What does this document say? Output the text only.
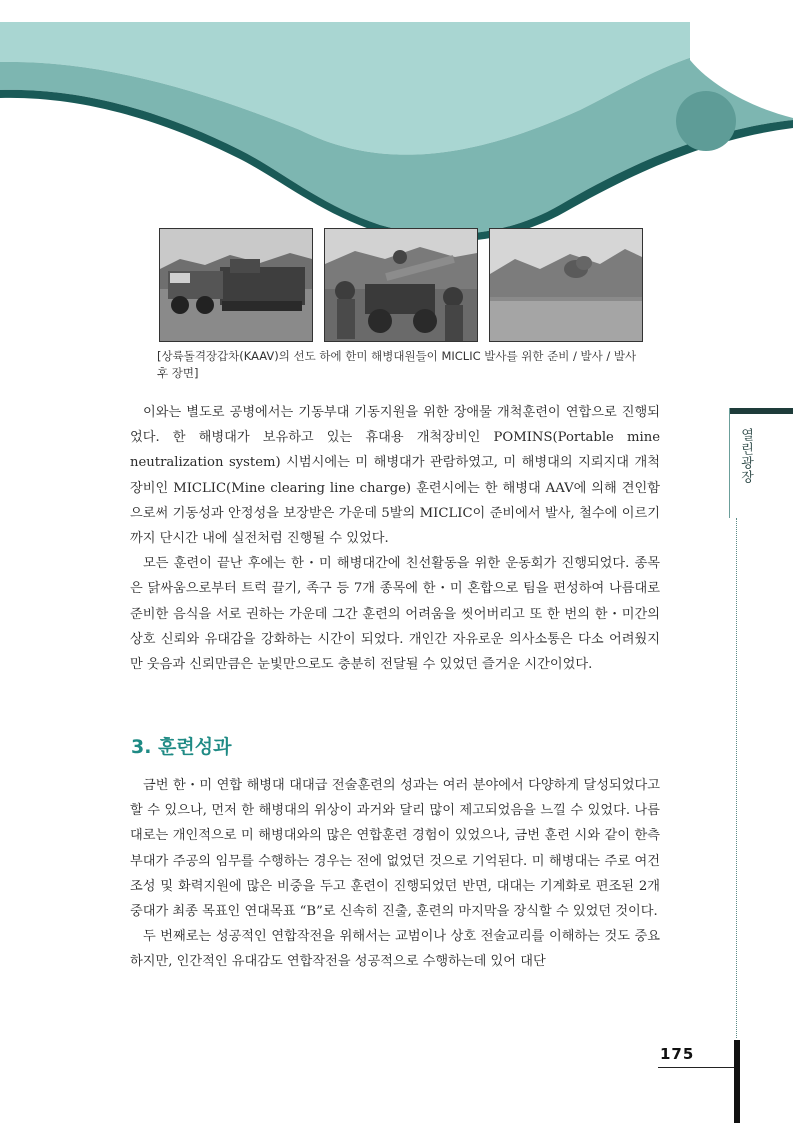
[상륙돌격장갑차(KAAV)의 선도 하에 한미 해병대원들이 MICLIC 발사를 위한 준비 / 발사 / 발사 후 장면]

이와는 별도로 공병에서는 기동부대 기동지원을 위한 장애물 개척훈련이 연합으로 진행되었다. 한 해병대가 보유하고 있는 휴대용 개척장비인 POMINS(Portable mine neutralization system) 시범시에는 미 해병대가 관람하였고, 미 해병대의 지뢰지대 개척장비인 MICLIC(Mine clearing line charge) 훈련시에는 한 해병대 AAV에 의해 견인함으로써 기동성과 안정성을 보장받은 가운데 5발의 MICLIC이 준비에서 발사, 철수에 이르기까지 단시간 내에 실전처럼 진행될 수 있었다.

모든 훈련이 끝난 후에는 한・미 해병대간에 친선활동을 위한 운동회가 진행되었다. 종목은 닭싸움으로부터 트럭 끌기, 족구 등 7개 종목에 한・미 혼합으로 팀을 편성하여 나름대로 준비한 음식을 서로 권하는 가운데 그간 훈련의 어려움을 씻어버리고 또 한 번의 한・미간의 상호 신뢰와 유대감을 강화하는 시간이 되었다. 개인간 자유로운 의사소통은 다소 어려웠지만 웃음과 신뢰만큼은 눈빛만으로도 충분히 전달될 수 있었던 즐거운 시간이었다.

3. 훈련성과

금번 한・미 연합 해병대 대대급 전술훈련의 성과는 여러 분야에서 다양하게 달성되었다고 할 수 있으나, 먼저 한 해병대의 위상이 과거와 달리 많이 제고되었음을 느낄 수 있었다. 나름대로는 개인적으로 미 해병대와의 많은 연합훈련 경험이 있었으나, 금번 훈련 시와 같이 한측 부대가 주공의 임무를 수행하는 경우는 전에 없었던 것으로 기억된다. 미 해병대는 주로 여건조성 및 화력지원에 많은 비중을 두고 훈련이 진행되었던 반면, 대대는 기계화로 편조된 2개 중대가 최종 목표인 연대목표 “B”로 신속히 진출, 훈련의 마지막을 장식할 수 있었던 것이다.

두 번째로는 성공적인 연합작전을 위해서는 교범이나 상호 전술교리를 이해하는 것도 중요하지만, 인간적인 유대감도 연합작전을 성공적으로 수행하는데 있어 대단

열린광장
175
